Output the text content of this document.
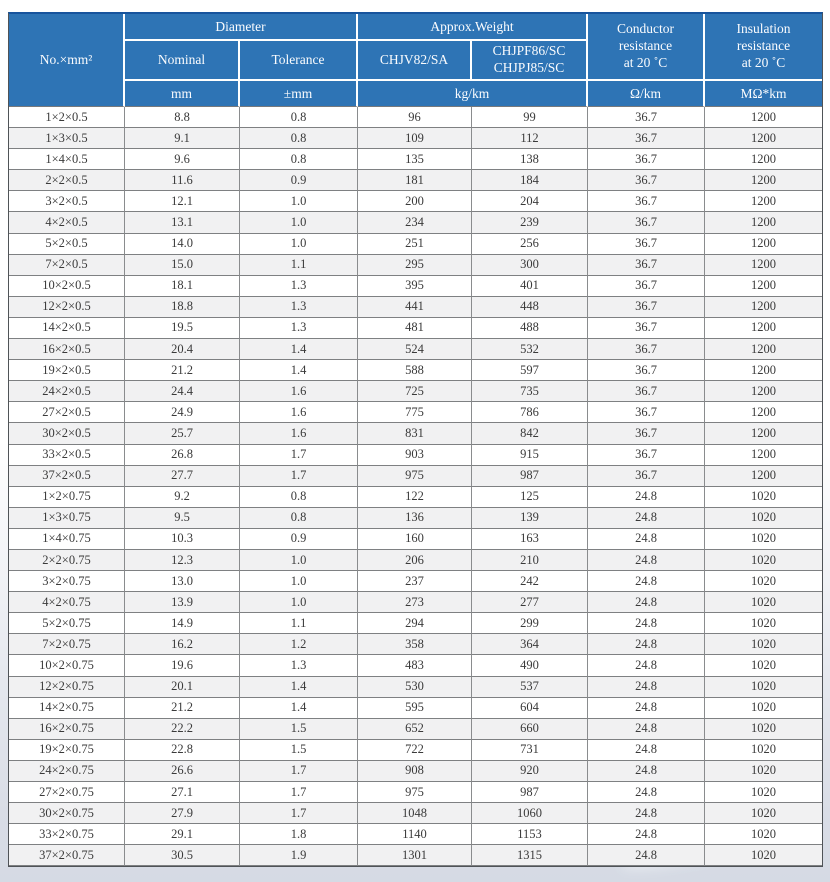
No.×mm²	Diameter		Approx.Weight		Conductor
resistance
at 20 ˚C	Insulation
resistance
at 20 ˚C

	Nominal	Tolerance	CHJV82/SA	CHJPF86/SC
CHJPJ85/SC		

	mm	±mm	kg/km		Ω/km	MΩ*km
1×2×0.5	8.8	0.8	96	99	36.7	1200
1×3×0.5	9.1	0.8	109	112	36.7	1200
1×4×0.5	9.6	0.8	135	138	36.7	1200
2×2×0.5	11.6	0.9	181	184	36.7	1200
3×2×0.5	12.1	1.0	200	204	36.7	1200
4×2×0.5	13.1	1.0	234	239	36.7	1200
5×2×0.5	14.0	1.0	251	256	36.7	1200
7×2×0.5	15.0	1.1	295	300	36.7	1200
10×2×0.5	18.1	1.3	395	401	36.7	1200
12×2×0.5	18.8	1.3	441	448	36.7	1200
14×2×0.5	19.5	1.3	481	488	36.7	1200
16×2×0.5	20.4	1.4	524	532	36.7	1200
19×2×0.5	21.2	1.4	588	597	36.7	1200
24×2×0.5	24.4	1.6	725	735	36.7	1200
27×2×0.5	24.9	1.6	775	786	36.7	1200
30×2×0.5	25.7	1.6	831	842	36.7	1200
33×2×0.5	26.8	1.7	903	915	36.7	1200
37×2×0.5	27.7	1.7	975	987	36.7	1200
1×2×0.75	9.2	0.8	122	125	24.8	1020
1×3×0.75	9.5	0.8	136	139	24.8	1020
1×4×0.75	10.3	0.9	160	163	24.8	1020
2×2×0.75	12.3	1.0	206	210	24.8	1020
3×2×0.75	13.0	1.0	237	242	24.8	1020
4×2×0.75	13.9	1.0	273	277	24.8	1020
5×2×0.75	14.9	1.1	294	299	24.8	1020
7×2×0.75	16.2	1.2	358	364	24.8	1020
10×2×0.75	19.6	1.3	483	490	24.8	1020
12×2×0.75	20.1	1.4	530	537	24.8	1020
14×2×0.75	21.2	1.4	595	604	24.8	1020
16×2×0.75	22.2	1.5	652	660	24.8	1020
19×2×0.75	22.8	1.5	722	731	24.8	1020
24×2×0.75	26.6	1.7	908	920	24.8	1020
27×2×0.75	27.1	1.7	975	987	24.8	1020
30×2×0.75	27.9	1.7	1048	1060	24.8	1020
33×2×0.75	29.1	1.8	1140	1153	24.8	1020
37×2×0.75	30.5	1.9	1301	1315	24.8	1020
